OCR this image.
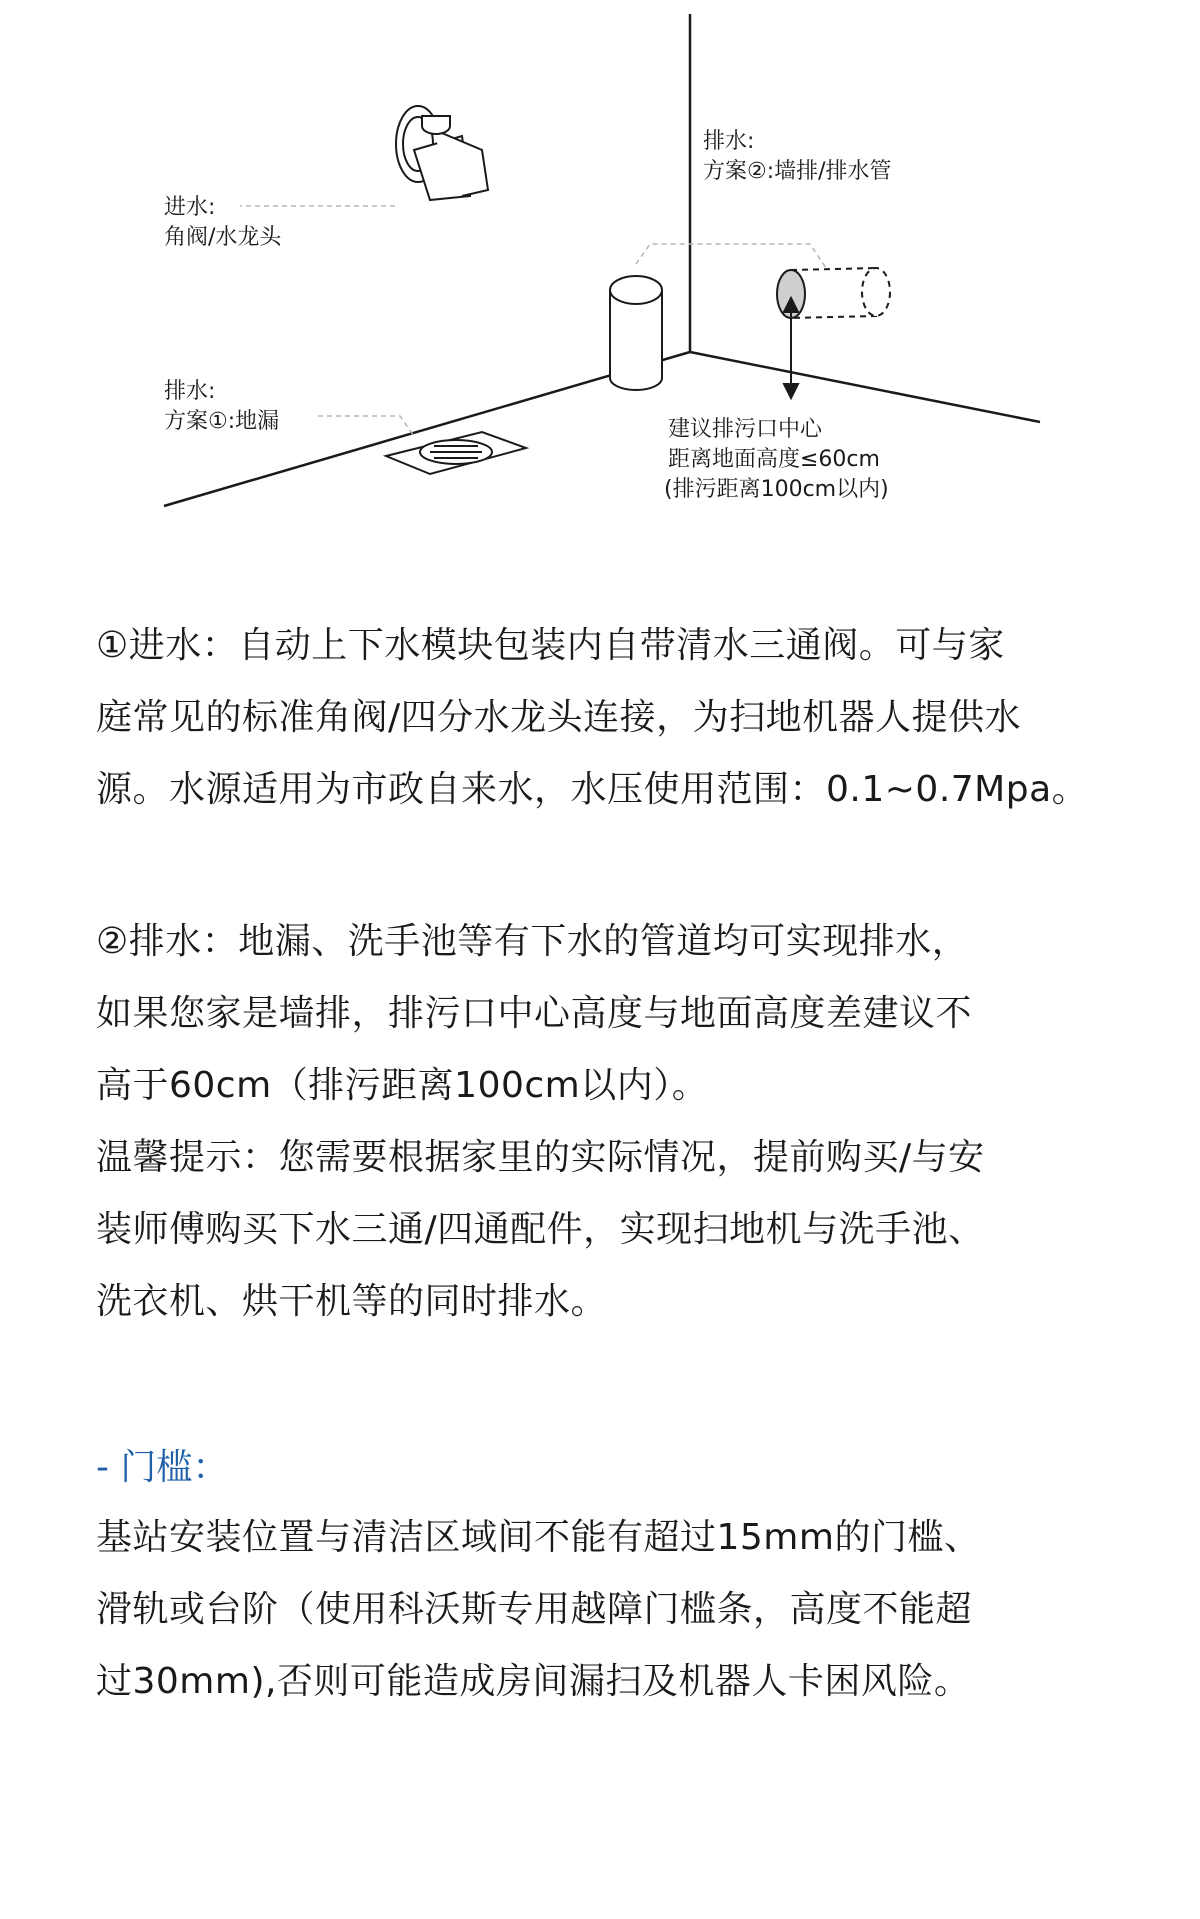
进水:
角阀/水龙头
排水:
方案②:墙排/排水管
排水:
方案①:地漏	建议排污口中心
距离地面高度≤60cm
(排污距离100cm以内)

①进水：自动上下水模块包装内自带清水三通阀。可与家
庭常见的标准角阀/四分水龙头连接，为扫地机器人提供水
源。水源适用为市政自来水，水压使用范围：0.1~0.7Mpa。

②排水：地漏、洗手池等有下水的管道均可实现排水，
如果您家是墙排，排污口中心高度与地面高度差建议不
高于60cm（排污距离100cm以内）。
温馨提示：您需要根据家里的实际情况，提前购买/与安
装师傅购买下水三通/四通配件，实现扫地机与洗手池、
洗衣机、烘干机等的同时排水。

- 门槛：

基站安装位置与清洁区域间不能有超过15mm的门槛、
滑轨或台阶（使用科沃斯专用越障门槛条，高度不能超
过30mm),否则可能造成房间漏扫及机器人卡困风险。
